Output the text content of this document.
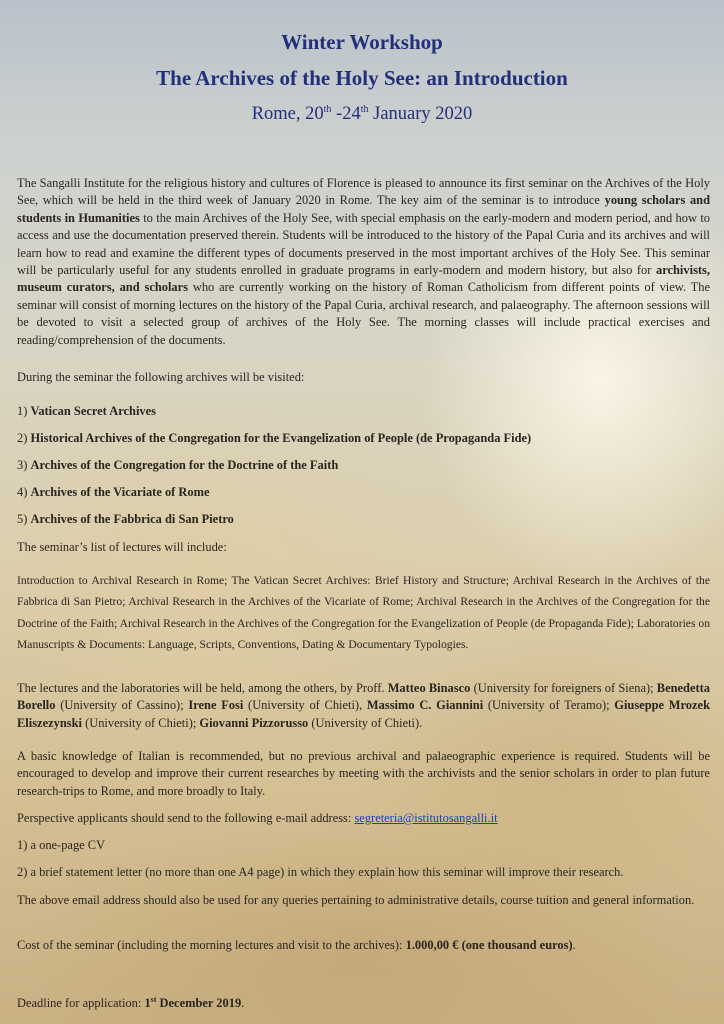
Winter Workshop
The Archives of the Holy See: an Introduction
Rome, 20th -24th January 2020

The Sangalli Institute for the religious history and cultures of Florence is pleased to announce its first seminar on the Archives of the Holy See, which will be held in the third week of January 2020 in Rome. The key aim of the seminar is to introduce young scholars and students in Humanities to the main Archives of the Holy See, with special emphasis on the early-modern and modern period, and how to access and use the documentation preserved therein. Students will be introduced to the history of the Papal Curia and its archives and will learn how to read and examine the different types of documents preserved in the most important archives of the Holy See. This seminar will be particularly useful for any students enrolled in graduate programs in early-modern and modern history, but also for archivists, museum curators, and scholars who are currently working on the history of Roman Catholicism from different points of view. The seminar will consist of morning lectures on the history of the Papal Curia, archival research, and palaeography. The afternoon sessions will be devoted to visit a selected group of archives of the Holy See. The morning classes will include practical exercises and reading/comprehension of the documents.

During the seminar the following archives will be visited:
1) Vatican Secret Archives
2) Historical Archives of the Congregation for the Evangelization of People (de Propaganda Fide)
3) Archives of the Congregation for the Doctrine of the Faith
4) Archives of the Vicariate of Rome
5) Archives of the Fabbrica di San Pietro
The seminar’s list of lectures will include:

Introduction to Archival Research in Rome; The Vatican Secret Archives: Brief History and Structure; Archival Research in the Archives of the Fabbrica di San Pietro; Archival Research in the Archives of the Vicariate of Rome; Archival Research in the Archives of the Congregation for the Doctrine of the Faith; Archival Research in the Archives of the Congregation for the Evangelization of People (de Propaganda Fide); Laboratories on Manuscripts & Documents: Language, Scripts, Conventions, Dating & Documentary Typologies.

The lectures and the laboratories will be held, among the others, by Proff. Matteo Binasco (University for foreigners of Siena); Benedetta Borello (University of Cassino); Irene Fosi (University of Chieti), Massimo C. Giannini (University of Teramo); Giuseppe Mrozek Eliszezynski (University of Chieti); Giovanni Pizzorusso (University of Chieti).

A basic knowledge of Italian is recommended, but no previous archival and palaeographic experience is required. Students will be encouraged to develop and improve their current researches by meeting with the archivists and the senior scholars in order to plan future research-trips to Rome, and more broadly to Italy.

Perspective applicants should send to the following e-mail address: segreteria@istitutosangalli.it
1) a one-page CV
2) a brief statement letter (no more than one A4 page) in which they explain how this seminar will improve their research.

The above email address should also be used for any queries pertaining to administrative details, course tuition and general information.

Cost of the seminar (including the morning lectures and visit to the archives): 1.000,00 € (one thousand euros).
Deadline for application: 1st December 2019.
